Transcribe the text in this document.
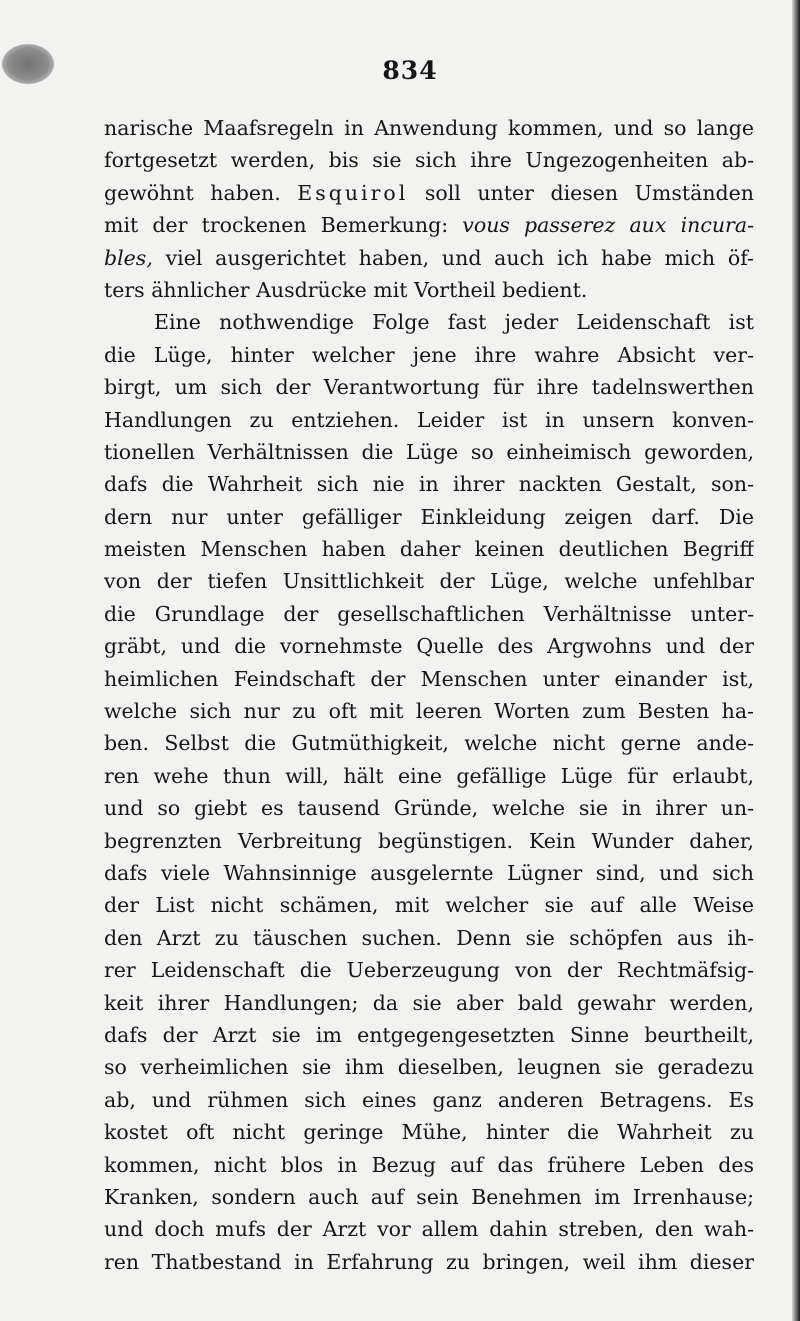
834
narische Maafsregeln in Anwendung kommen, und so lange
fortgesetzt werden, bis sie sich ihre Ungezogenheiten ab-
gewöhnt haben. Esquirol soll unter diesen Umständen
mit der trockenen Bemerkung: vous passerez aux incura-
bles, viel ausgerichtet haben, und auch ich habe mich öf-
ters ähnlicher Ausdrücke mit Vortheil bedient.
Eine nothwendige Folge fast jeder Leidenschaft ist
die Lüge, hinter welcher jene ihre wahre Absicht ver-
birgt, um sich der Verantwortung für ihre tadelnswerthen
Handlungen zu entziehen. Leider ist in unsern konven-
tionellen Verhältnissen die Lüge so einheimisch geworden,
dafs die Wahrheit sich nie in ihrer nackten Gestalt, son-
dern nur unter gefälliger Einkleidung zeigen darf. Die
meisten Menschen haben daher keinen deutlichen Begriff
von der tiefen Unsittlichkeit der Lüge, welche unfehlbar
die Grundlage der gesellschaftlichen Verhältnisse unter-
gräbt, und die vornehmste Quelle des Argwohns und der
heimlichen Feindschaft der Menschen unter einander ist,
welche sich nur zu oft mit leeren Worten zum Besten ha-
ben. Selbst die Gutmüthigkeit, welche nicht gerne ande-
ren wehe thun will, hält eine gefällige Lüge für erlaubt,
und so giebt es tausend Gründe, welche sie in ihrer un-
begrenzten Verbreitung begünstigen. Kein Wunder daher,
dafs viele Wahnsinnige ausgelernte Lügner sind, und sich
der List nicht schämen, mit welcher sie auf alle Weise
den Arzt zu täuschen suchen. Denn sie schöpfen aus ih-
rer Leidenschaft die Ueberzeugung von der Rechtmäfsig-
keit ihrer Handlungen; da sie aber bald gewahr werden,
dafs der Arzt sie im entgegengesetzten Sinne beurtheilt,
so verheimlichen sie ihm dieselben, leugnen sie geradezu
ab, und rühmen sich eines ganz anderen Betragens. Es
kostet oft nicht geringe Mühe, hinter die Wahrheit zu
kommen, nicht blos in Bezug auf das frühere Leben des
Kranken, sondern auch auf sein Benehmen im Irrenhause;
und doch mufs der Arzt vor allem dahin streben, den wah-
ren Thatbestand in Erfahrung zu bringen, weil ihm dieser
